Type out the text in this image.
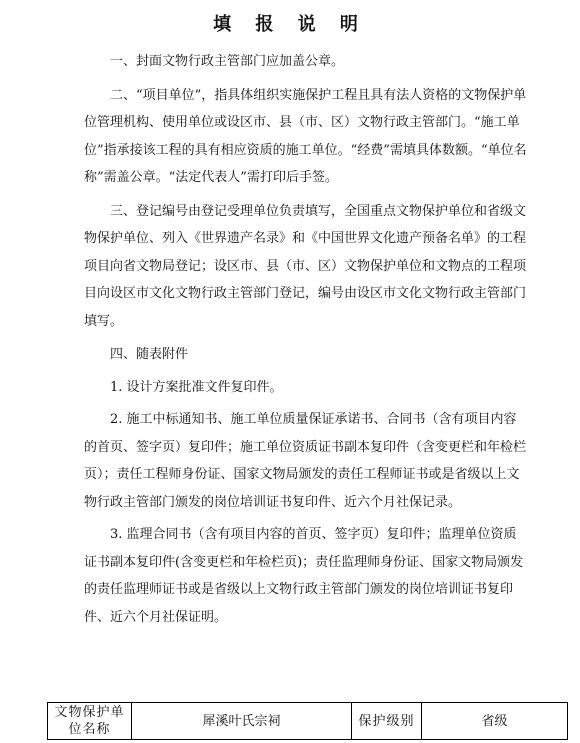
填 报 说 明

一、封面文物行政主管部门应加盖公章。

二、“项目单位”，指具体组织实施保护工程且具有法人资格的文物保护单位管理机构、使用单位或设区市、县（市、区）文物行政主管部门。“施工单位”指承接该工程的具有相应资质的施工单位。“经费”需填具体数额。“单位名称”需盖公章。“法定代表人”需打印后手签。

三、登记编号由登记受理单位负责填写，全国重点文物保护单位和省级文物保护单位、列入《世界遗产名录》和《中国世界文化遗产预备名单》的工程项目向省文物局登记；设区市、县（市、区）文物保护单位和文物点的工程项目向设区市文化文物行政主管部门登记，编号由设区市文化文物行政主管部门填写。

四、随表附件

1. 设计方案批准文件复印件。

2. 施工中标通知书、施工单位质量保证承诺书、合同书（含有项目内容的首页、签字页）复印件；施工单位资质证书副本复印件（含变更栏和年检栏页）；责任工程师身份证、国家文物局颁发的责任工程师证书或是省级以上文物行政主管部门颁发的岗位培训证书复印件、近六个月社保记录。

3. 监理合同书（含有项目内容的首页、签字页）复印件；监理单位资质证书副本复印件(含变更栏和年检栏页)；责任监理师身份证、国家文物局颁发的责任监理师证书或是省级以上文物行政主管部门颁发的岗位培训证书复印件、近六个月社保证明。

文物保护单位名称	犀溪叶氏宗祠	保护级别	省级
